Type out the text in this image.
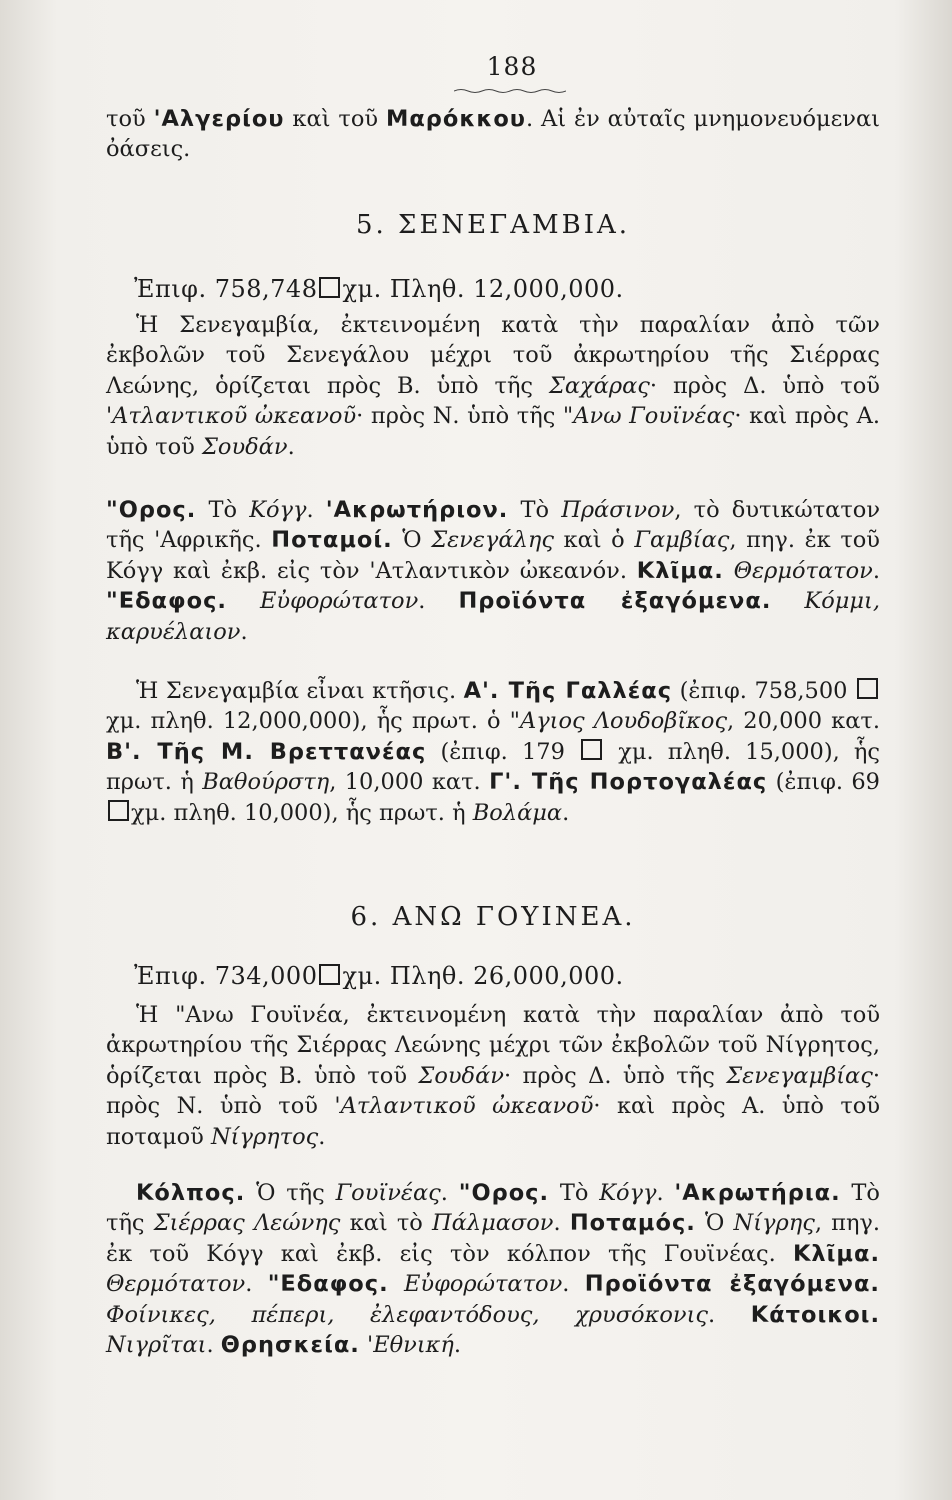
188

τοῦ 'Αλγερίου καὶ τοῦ Μαρόκκου. Αἱ ἐν αὐταῖς μνημονευόμεναι ὀάσεις.

5. ΣΕΝΕΓΑΜΒΙΑ.
Ἐπιφ. 758,748 χμ. Πληθ. 12,000,000.

Ἡ Σενεγαμβία, ἐκτεινομένη κατὰ τὴν παραλίαν ἀπὸ τῶν ἐκβολῶν τοῦ Σενεγάλου μέχρι τοῦ ἀκρωτηρίου τῆς Σιέρρας Λεώνης, ὁρίζεται πρὸς Β. ὑπὸ τῆς Σαχάρας· πρὸς Δ. ὑπὸ τοῦ 'Ατλαντικοῦ ὠκεανοῦ· πρὸς Ν. ὑπὸ τῆς "Ανω Γουϊνέας· καὶ πρὸς Α. ὑπὸ τοῦ Σουδάν.

"Ορος. Τὸ Κόγγ. 'Ακρωτήριον. Τὸ Πράσινον, τὸ δυτικώτατον τῆς 'Αφρικῆς. Ποταμοί. Ὁ Σενεγάλης καὶ ὁ Γαμβίας, πηγ. ἐκ τοῦ Κόγγ καὶ ἐκβ. εἰς τὸν 'Ατλαντικὸν ὠκεανόν. Κλῖμα. Θερμότατον. "Εδαφος. Εὐφορώτατον. Προϊόντα ἐξαγόμενα. Κόμμι, καρυέλαιον.

Ἡ Σενεγαμβία εἶναι κτῆσις. Α'. Τῆς Γαλλέας (ἐπιφ. 758,500  χμ. πληθ. 12,000,000), ἧς πρωτ. ὁ "Αγιος Λουδοβῖκος, 20,000 κατ. Β'. Τῆς Μ. Βρεττανέας (ἐπιφ. 179  χμ. πληθ. 15,000), ἧς πρωτ. ἡ Βαθούρστη, 10,000 κατ. Γ'. Τῆς Πορτογαλέας (ἐπιφ. 69χμ. πληθ. 10,000), ἧς πρωτ. ἡ Βολάμα.

6. ΑΝΩ ΓΟΥΙΝΕΑ.
Ἐπιφ. 734,000 χμ. Πληθ. 26,000,000.

Ἡ "Ανω Γουϊνέα, ἐκτεινομένη κατὰ τὴν παραλίαν ἀπὸ τοῦ ἀκρωτηρίου τῆς Σιέρρας Λεώνης μέχρι τῶν ἐκβολῶν τοῦ Νίγρητος, ὁρίζεται πρὸς Β. ὑπὸ τοῦ Σουδάν· πρὸς Δ. ὑπὸ τῆς Σενεγαμβίας· πρὸς Ν. ὑπὸ τοῦ 'Ατλαντικοῦ ὠκεανοῦ· καὶ πρὸς Α. ὑπὸ τοῦ ποταμοῦ Νίγρητος.

Κόλπος. Ὁ τῆς Γουϊνέας. "Ορος. Τὸ Κόγγ. 'Ακρωτήρια. Τὸ τῆς Σιέρρας Λεώνης καὶ τὸ Πάλμασον. Ποταμός. Ὁ Νίγρης, πηγ. ἐκ τοῦ Κόγγ καὶ ἐκβ. εἰς τὸν κόλπον τῆς Γουϊνέας. Κλῖμα. Θερμότατον. "Εδαφος. Εὐφορώτατον. Προϊόντα ἐξαγόμενα. Φοίνικες, πέπερι, ἐλεφαντόδους, χρυσόκονις. Κάτοικοι. Νιγρῖται. Θρησκεία. 'Εθνική.
